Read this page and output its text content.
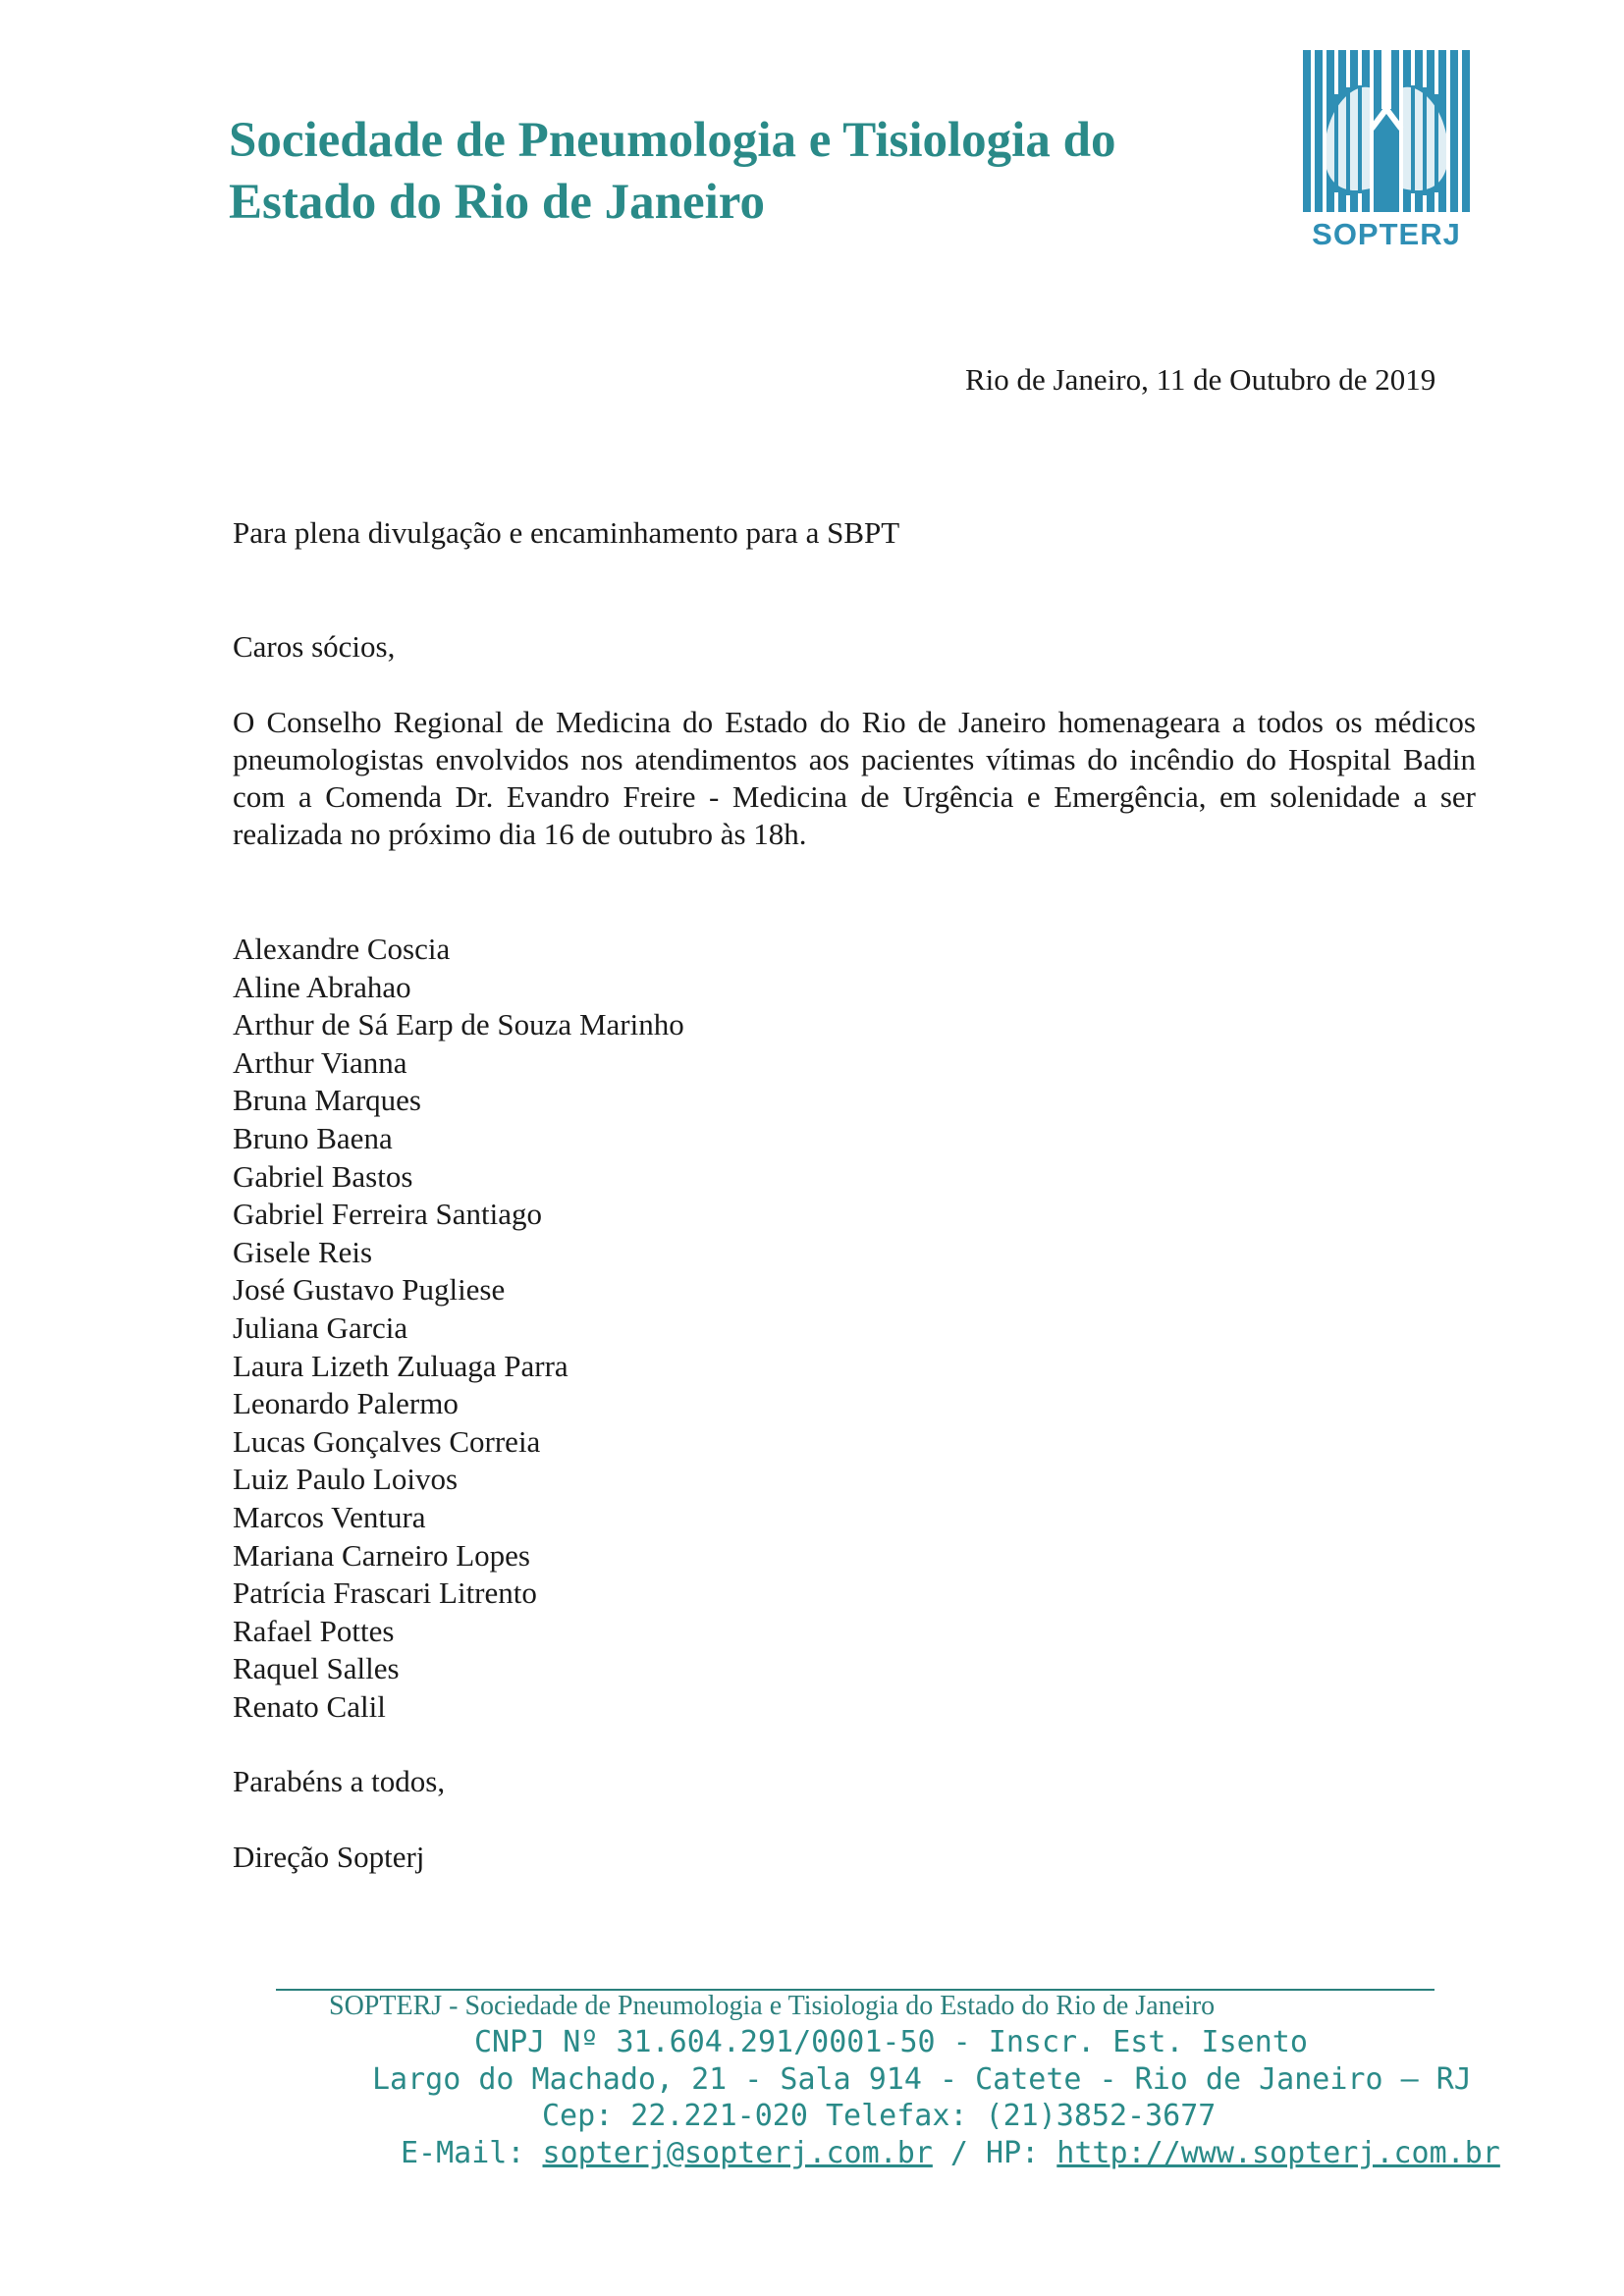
Sociedade de Pneumologia e Tisiologia do
Estado do Rio de Janeiro
SOPTERJ

Rio de Janeiro, 11 de Outubro de 2019

Para plena divulgação e encaminhamento para a SBPT

Caros sócios,

O Conselho Regional de Medicina do Estado do Rio de Janeiro homenageara a todos os médicos pneumologistas envolvidos nos atendimentos aos pacientes vítimas do incêndio do Hospital Badin com a Comenda Dr. Evandro Freire - Medicina de Urgência e Emergência, em solenidade a ser realizada no próximo dia 16 de outubro às 18h.

Alexandre Coscia
Aline Abrahao
Arthur de Sá Earp de Souza Marinho
Arthur Vianna
Bruna Marques
Bruno Baena
Gabriel Bastos
Gabriel Ferreira Santiago
Gisele Reis
José Gustavo Pugliese
Juliana Garcia
Laura Lizeth Zuluaga Parra
Leonardo Palermo
Lucas Gonçalves Correia
Luiz Paulo Loivos
Marcos Ventura
Mariana Carneiro Lopes
Patrícia Frascari Litrento
Rafael Pottes
Raquel Salles
Renato Calil

Parabéns a todos,

Direção Sopterj

SOPTERJ - Sociedade de Pneumologia e Tisiologia do Estado do Rio de Janeiro
CNPJ Nº 31.604.291/0001-50 - Inscr. Est. Isento
Largo do Machado, 21 - Sala 914 - Catete - Rio de Janeiro – RJ
Cep: 22.221-020 Telefax: (21)3852-3677
E-Mail: sopterj@sopterj.com.br / HP: http://www.sopterj.com.br
